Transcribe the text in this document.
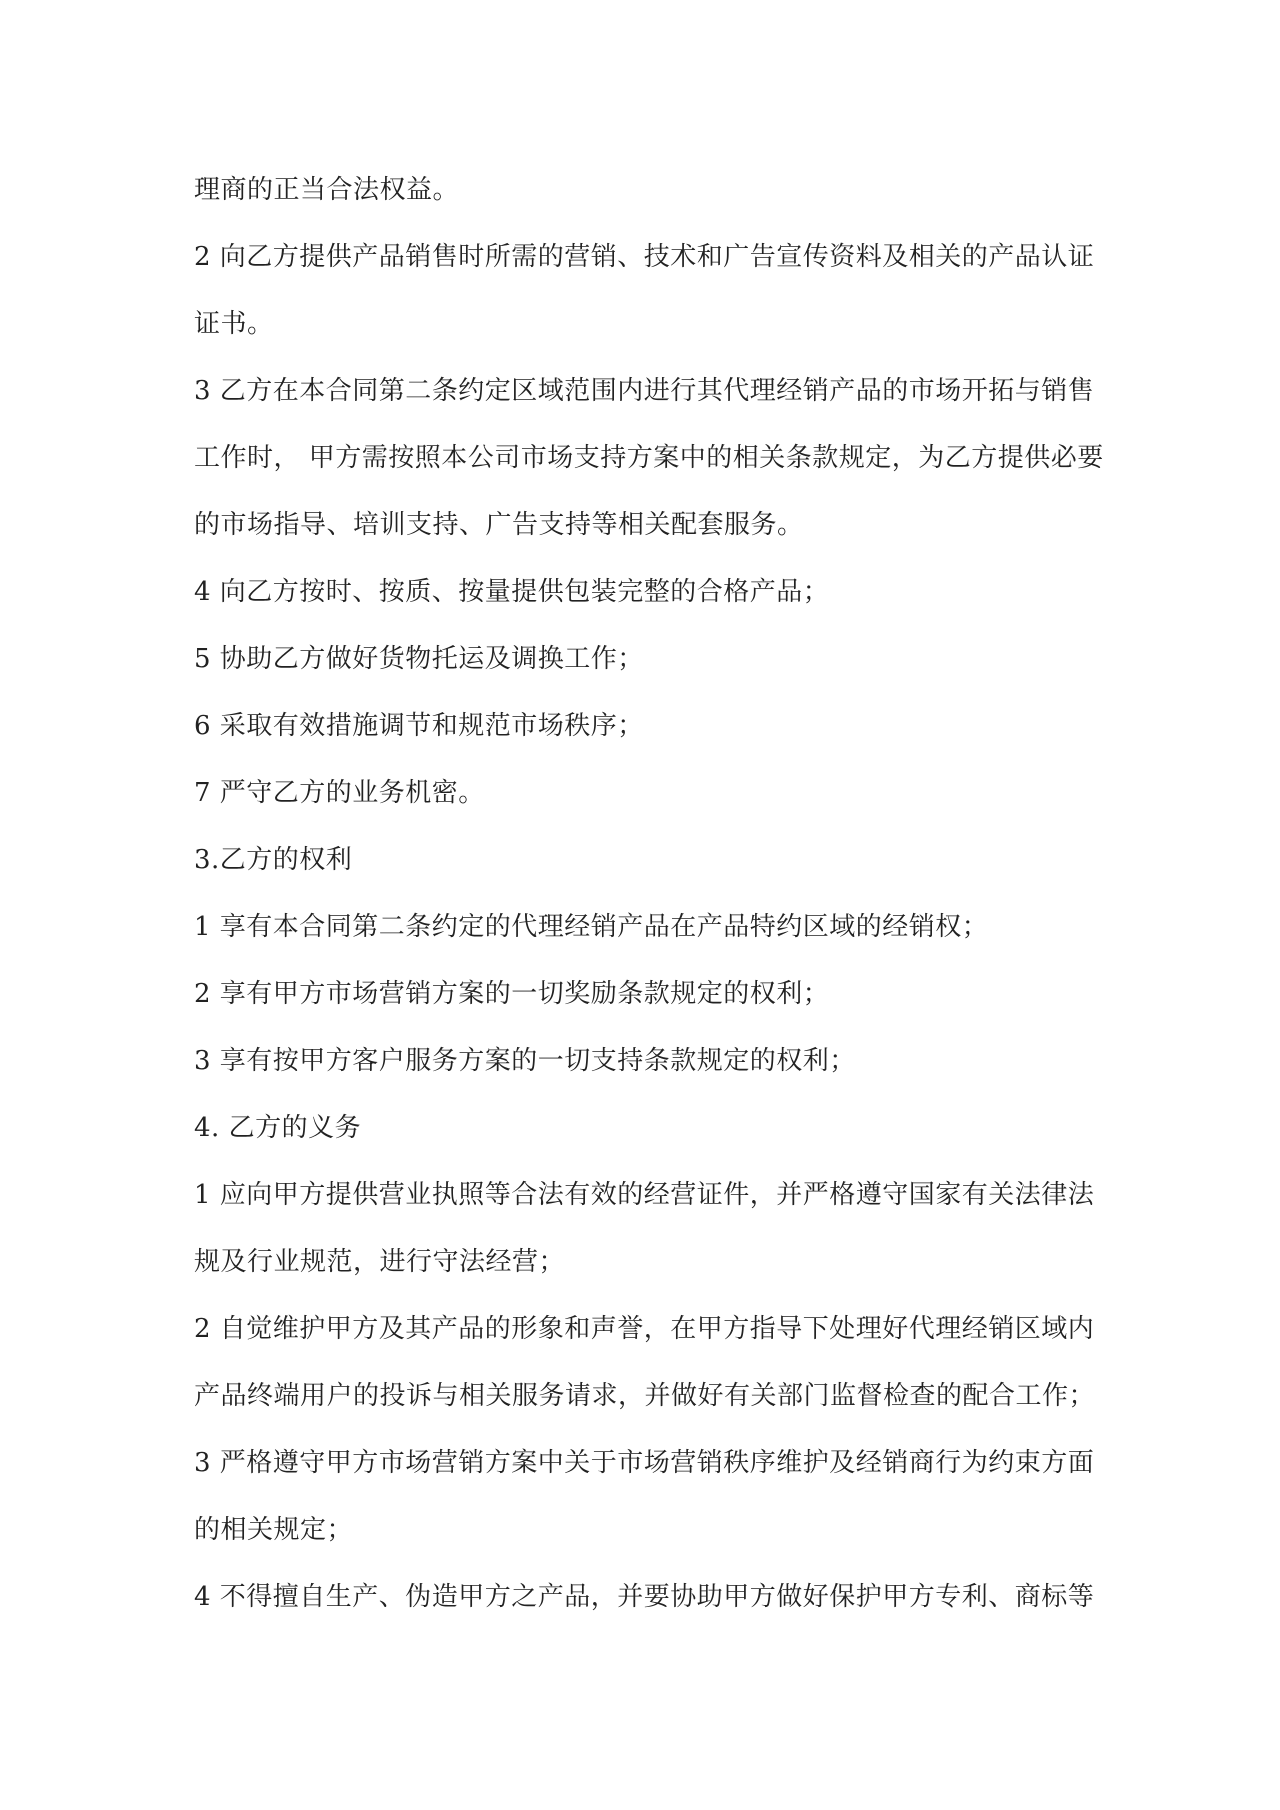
理商的正当合法权益。
2 向乙方提供产品销售时所需的营销、技术和广告宣传资料及相关的产品认证
证书。
3 乙方在本合同第二条约定区域范围内进行其代理经销产品的市场开拓与销售
工作时， 甲方需按照本公司市场支持方案中的相关条款规定，为乙方提供必要
的市场指导、培训支持、广告支持等相关配套服务。
4 向乙方按时、按质、按量提供包装完整的合格产品；
5 协助乙方做好货物托运及调换工作；
6 采取有效措施调节和规范市场秩序；
7 严守乙方的业务机密。
3.乙方的权利
1 享有本合同第二条约定的代理经销产品在产品特约区域的经销权；
2 享有甲方市场营销方案的一切奖励条款规定的权利；
3 享有按甲方客户服务方案的一切支持条款规定的权利；
4. 乙方的义务
1 应向甲方提供营业执照等合法有效的经营证件，并严格遵守国家有关法律法
规及行业规范，进行守法经营；
2 自觉维护甲方及其产品的形象和声誉，在甲方指导下处理好代理经销区域内
产品终端用户的投诉与相关服务请求，并做好有关部门监督检查的配合工作；
3 严格遵守甲方市场营销方案中关于市场营销秩序维护及经销商行为约束方面
的相关规定；
4 不得擅自生产、伪造甲方之产品，并要协助甲方做好保护甲方专利、商标等
